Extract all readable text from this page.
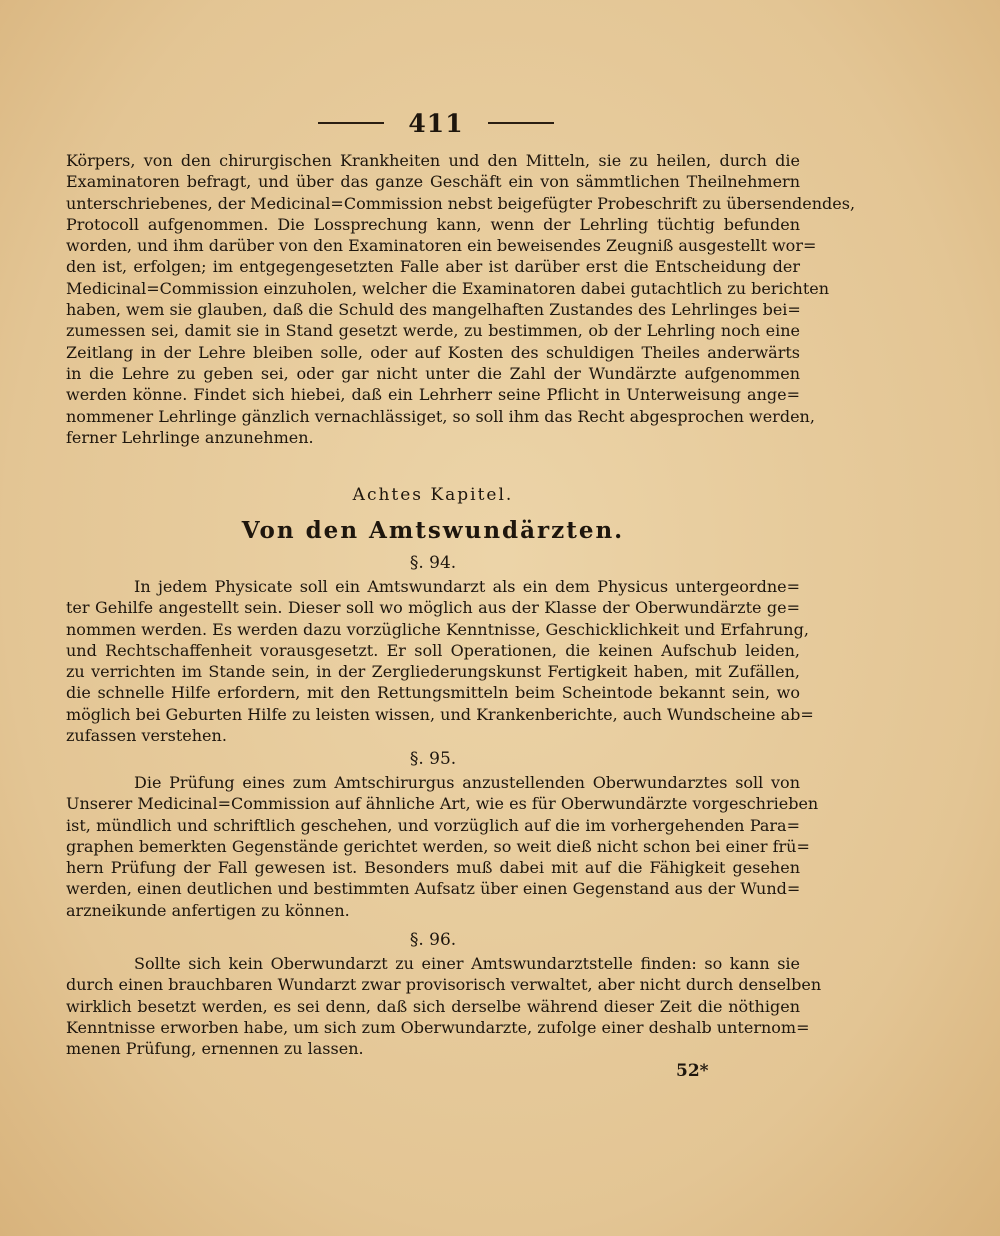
411
Körpers, von den chirurgischen Krankheiten und den Mitteln, sie zu heilen, durch die
Examinatoren befragt, und über das ganze Geschäft ein von sämmtlichen Theilnehmern
unterschriebenes, der Medicinal=Commission nebst beigefügter Probeschrift zu übersendendes,
Protocoll aufgenommen. Die Lossprechung kann, wenn der Lehrling tüchtig befunden
worden, und ihm darüber von den Examinatoren ein beweisendes Zeugniß ausgestellt wor=
den ist, erfolgen; im entgegengesetzten Falle aber ist darüber erst die Entscheidung der
Medicinal=Commission einzuholen, welcher die Examinatoren dabei gutachtlich zu berichten
haben, wem sie glauben, daß die Schuld des mangelhaften Zustandes des Lehrlinges bei=
zumessen sei, damit sie in Stand gesetzt werde, zu bestimmen, ob der Lehrling noch eine
Zeitlang in der Lehre bleiben solle, oder auf Kosten des schuldigen Theiles anderwärts
in die Lehre zu geben sei, oder gar nicht unter die Zahl der Wundärzte aufgenommen
werden könne. Findet sich hiebei, daß ein Lehrherr seine Pflicht in Unterweisung ange=
nommener Lehrlinge gänzlich vernachlässiget, so soll ihm das Recht abgesprochen werden,
ferner Lehrlinge anzunehmen.
Achtes Kapitel.
Von den Amtswundärzten.
§. 94.
In jedem Physicate soll ein Amtswundarzt als ein dem Physicus untergeordne=
ter Gehilfe angestellt sein. Dieser soll wo möglich aus der Klasse der Oberwundärzte ge=
nommen werden. Es werden dazu vorzügliche Kenntnisse, Geschicklichkeit und Erfahrung,
und Rechtschaffenheit vorausgesetzt. Er soll Operationen, die keinen Aufschub leiden,
zu verrichten im Stande sein, in der Zergliederungskunst Fertigkeit haben, mit Zufällen,
die schnelle Hilfe erfordern, mit den Rettungsmitteln beim Scheintode bekannt sein, wo
möglich bei Geburten Hilfe zu leisten wissen, und Krankenberichte, auch Wundscheine ab=
zufassen verstehen.
§. 95.
Die Prüfung eines zum Amtschirurgus anzustellenden Oberwundarztes soll von
Unserer Medicinal=Commission auf ähnliche Art, wie es für Oberwundärzte vorgeschrieben
ist, mündlich und schriftlich geschehen, und vorzüglich auf die im vorhergehenden Para=
graphen bemerkten Gegenstände gerichtet werden, so weit dieß nicht schon bei einer frü=
hern Prüfung der Fall gewesen ist. Besonders muß dabei mit auf die Fähigkeit gesehen
werden, einen deutlichen und bestimmten Aufsatz über einen Gegenstand aus der Wund=
arzneikunde anfertigen zu können.
§. 96.
Sollte sich kein Oberwundarzt zu einer Amtswundarztstelle finden: so kann sie
durch einen brauchbaren Wundarzt zwar provisorisch verwaltet, aber nicht durch denselben
wirklich besetzt werden, es sei denn, daß sich derselbe während dieser Zeit die nöthigen
Kenntnisse erworben habe, um sich zum Oberwundarzte, zufolge einer deshalb unternom=
menen Prüfung, ernennen zu lassen.
52*
